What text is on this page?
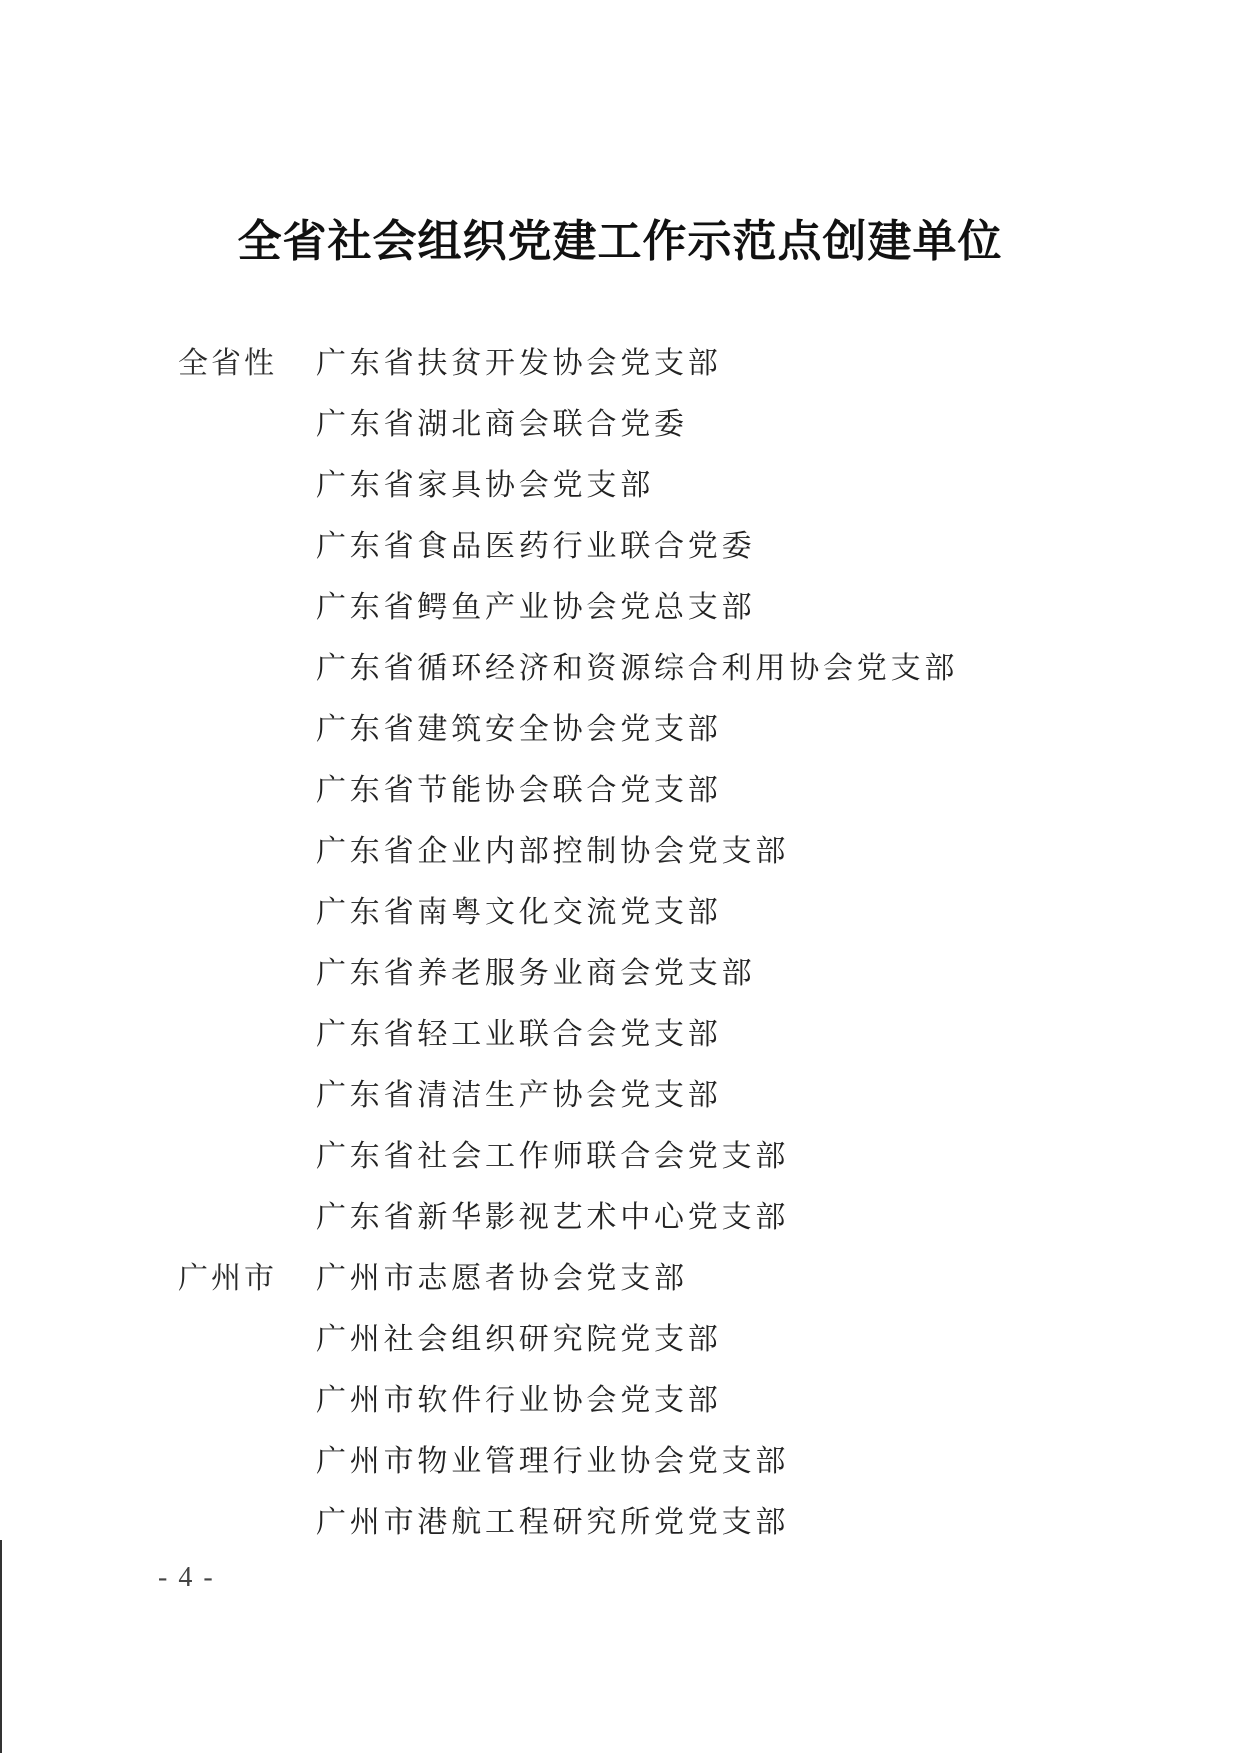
全省社会组织党建工作示范点创建单位
全省性	广东省扶贫开发协会党支部
广东省湖北商会联合党委
广东省家具协会党支部
广东省食品医药行业联合党委
广东省鳄鱼产业协会党总支部
广东省循环经济和资源综合利用协会党支部
广东省建筑安全协会党支部
广东省节能协会联合党支部
广东省企业内部控制协会党支部
广东省南粤文化交流党支部
广东省养老服务业商会党支部
广东省轻工业联合会党支部
广东省清洁生产协会党支部
广东省社会工作师联合会党支部
广东省新华影视艺术中心党支部
广州市	广州市志愿者协会党支部
广州社会组织研究院党支部
广州市软件行业协会党支部
广州市物业管理行业协会党支部
广州市港航工程研究所党党支部
- 4 -
